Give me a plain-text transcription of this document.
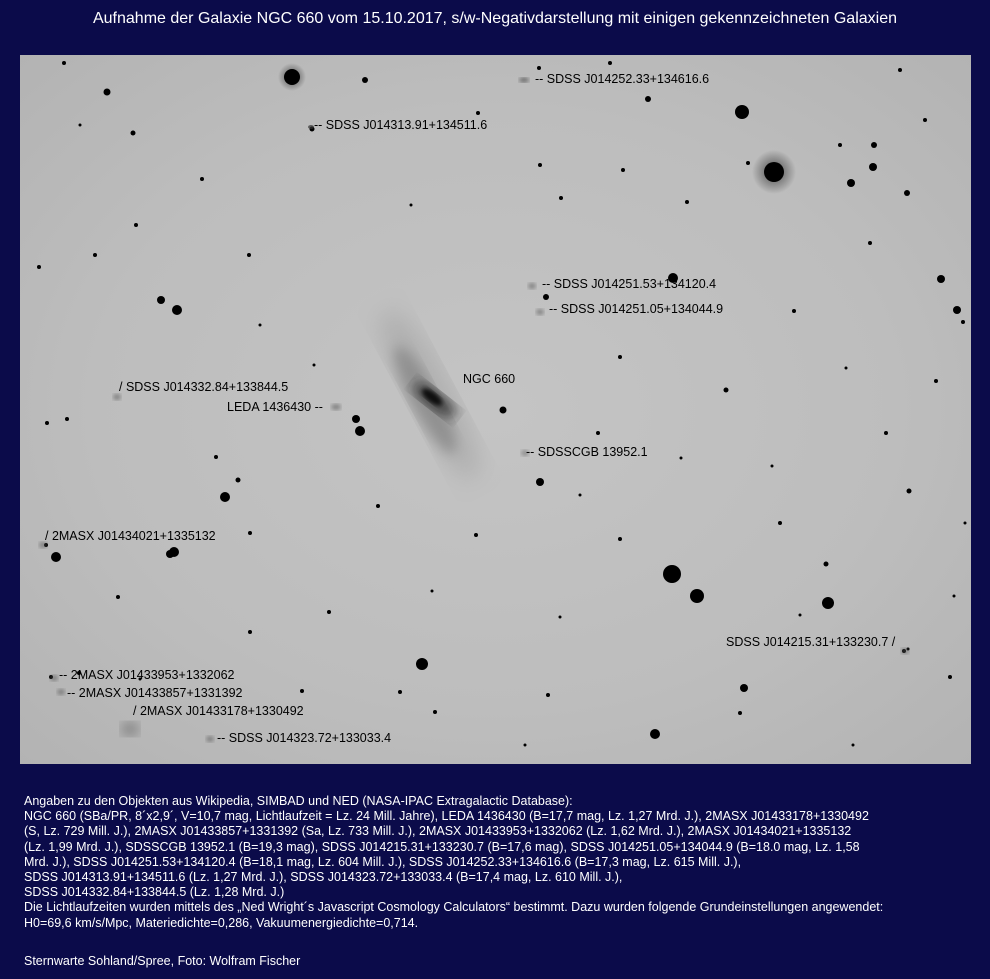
Aufnahme der Galaxie NGC 660 vom 15.10.2017, s/w-Negativdarstellung mit einigen gekennzeichneten Galaxien
-- SDSS J014252.33+134616.6
-- SDSS J014313.91+134511.6
-- SDSS J014251.53+134120.4
-- SDSS J014251.05+134044.9
NGC 660
/ SDSS J014332.84+133844.5
LEDA 1436430 --
-- SDSSCGB 13952.1
/ 2MASX J01434021+1335132
SDSS J014215.31+133230.7 /
-- 2MASX J01433953+1332062
-- 2MASX J01433857+1331392
/ 2MASX J01433178+1330492
-- SDSS J014323.72+133033.4

Angaben zu den Objekten aus Wikipedia, SIMBAD und NED (NASA-IPAC Extragalactic Database):

NGC 660 (SBa/PR, 8´x2,9´, V=10,7 mag, Lichtlaufzeit = Lz. 24 Mill. Jahre), LEDA 1436430 (B=17,7 mag, Lz. 1,27 Mrd. J.), 2MASX J01433178+1330492

(S, Lz. 729 Mill. J.), 2MASX J01433857+1331392 (Sa, Lz. 733 Mill. J.), 2MASX J01433953+1332062 (Lz. 1,62 Mrd. J.), 2MASX J01434021+1335132

(Lz. 1,99 Mrd. J.), SDSSCGB 13952.1 (B=19,3 mag), SDSS J014215.31+133230.7 (B=17,6 mag), SDSS J014251.05+134044.9 (B=18.0 mag, Lz. 1,58

Mrd. J.), SDSS J014251.53+134120.4 (B=18,1 mag, Lz. 604 Mill. J.), SDSS J014252.33+134616.6 (B=17,3 mag, Lz. 615 Mill. J.),

SDSS J014313.91+134511.6 (Lz. 1,27 Mrd. J.), SDSS J014323.72+133033.4 (B=17,4 mag, Lz. 610 Mill. J.),

SDSS J014332.84+133844.5 (Lz. 1,28 Mrd. J.)

Die Lichtlaufzeiten wurden mittels des „Ned Wright´s Javascript Cosmology Calculators“ bestimmt. Dazu wurden folgende Grundeinstellungen angewendet:

H0=69,6 km/s/Mpc, Materiedichte=0,286, Vakuumenergiedichte=0,714.

Sternwarte Sohland/Spree, Foto: Wolfram Fischer
